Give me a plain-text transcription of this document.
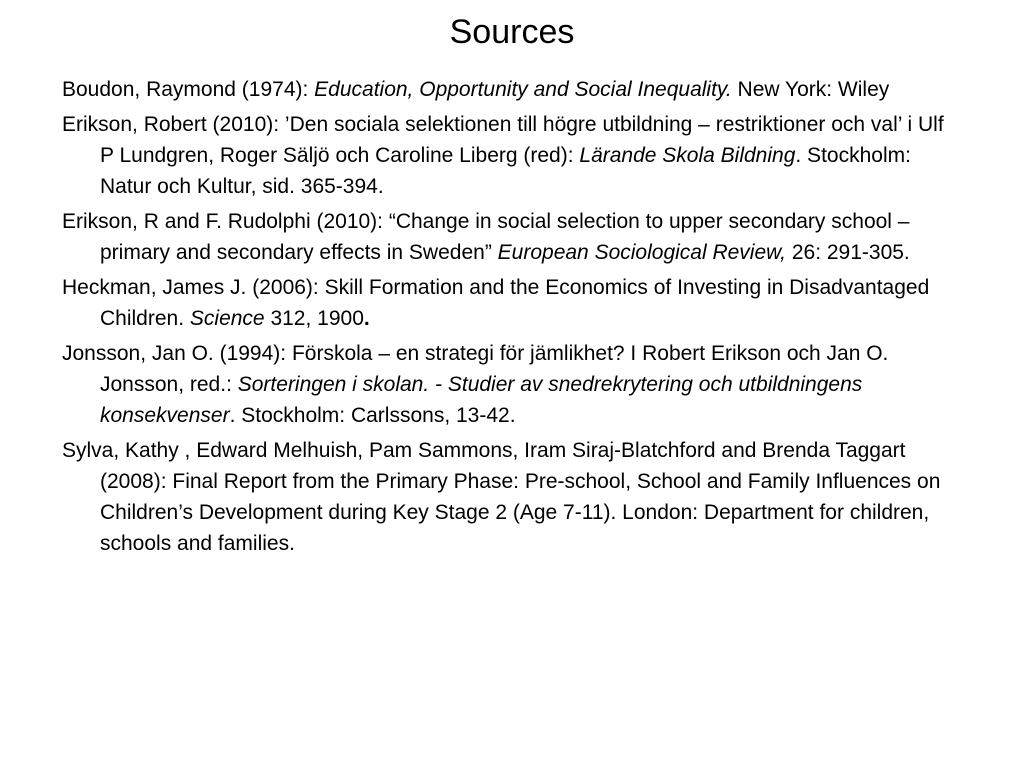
Sources
Boudon, Raymond (1974): Education, Opportunity and Social Inequality. New York: Wiley
Erikson, Robert (2010): ’Den sociala selektionen till högre utbildning – restriktioner och val’ i Ulf P Lundgren, Roger Säljö och Caroline Liberg (red): Lärande Skola Bildning. Stockholm: Natur och Kultur, sid. 365-394.
Erikson, R and F. Rudolphi (2010): “Change in social selection to upper secondary school – primary and secondary effects in Sweden” European Sociological Review, 26: 291-305.
Heckman, James J. (2006): Skill Formation and the Economics of Investing in Disadvantaged Children. Science 312, 1900.
Jonsson, Jan O. (1994): Förskola – en strategi för jämlikhet? I Robert Erikson och Jan O. Jonsson, red.: Sorteringen i skolan. - Studier av snedrekrytering och utbildningens konsekvenser. Stockholm: Carlssons, 13-42.
Sylva, Kathy , Edward Melhuish, Pam Sammons, Iram Siraj-Blatchford and Brenda Taggart (2008): Final Report from the Primary Phase: Pre-school, School and Family Influences on Children’s Development during Key Stage 2 (Age 7-11). London: Department for children, schools and families.
